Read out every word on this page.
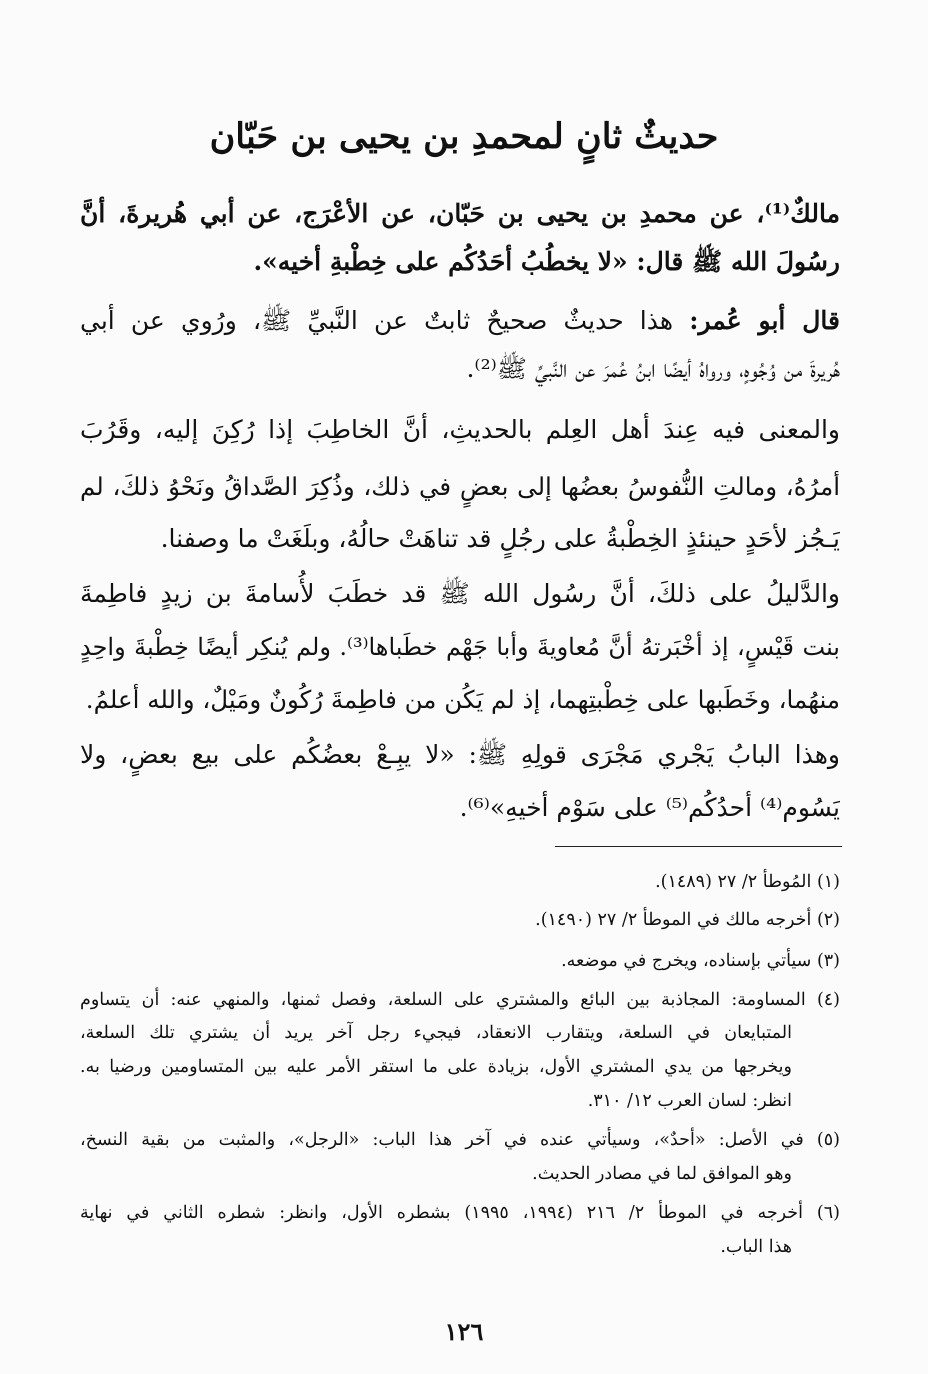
حديثٌ ثانٍ لمحمدِ بن يحيى بن حَبّان
مالكٌ⁽¹⁾، عن محمدِ بن يحيى بن حَبّان، عن الأعْرَج، عن أبي هُريرةَ، أنَّ
رسُولَ الله ﷺ قال: «لا يخطُبُ أحَدُكُم على خِطْبةِ أخيه».
قال أبو عُمر: هذا حديثٌ صحيحٌ ثابتٌ عن النَّبيِّ ﷺ، ورُوي عن أبي
هُريرةَ من وُجُوهٍ، ورواهُ أيضًا ابنُ عُمرَ عن النَّبيِّ ﷺ⁽²⁾.
والمعنى فيه عِندَ أهل العِلم بالحديثِ، أنَّ الخاطِبَ إذا رُكِنَ إليه، وقَرُبَ
أمرُهُ، ومالتِ النُّفوسُ بعضُها إلى بعضٍ في ذلك، وذُكِرَ الصَّداقُ ونَحْوُ ذلكَ، لم
يَـجُز لأحَدٍ حينئذٍ الخِطْبةُ على رجُلٍ قد تناهَتْ حالُهُ، وبلَغَتْ ما وصفنا.
والدَّليلُ على ذلكَ، أنَّ رسُول الله ﷺ قد خطَبَ لأُسامةَ بن زيدٍ فاطِمةَ
بنت قَيْسٍ، إذ أخْبَرتهُ أنَّ مُعاويةَ وأبا جَهْم خطَباها⁽³⁾. ولم يُنكِر أيضًا خِطْبةَ واحِدٍ
منهُما، وخَطَبها على خِطْبتِهما، إذ لم يَكُن من فاطِمةَ رُكُونٌ ومَيْلٌ، والله أعلمُ.
وهذا البابُ يَجْري مَجْرَى قولِهِ ﷺ: «لا يبِـعْ بعضُكُم على بيع بعضٍ، ولا
يَسُوم⁽⁴⁾ أحدُكُم⁽⁵⁾ على سَوْم أخيهِ»⁽⁶⁾.
(١) المُوطأ ٢/ ٢٧ (١٤٨٩).
(٢) أخرجه مالك في الموطأ ٢/ ٢٧ (١٤٩٠).
(٣) سيأتي بإسناده، ويخرج في موضعه.
(٤) المساومة: المجاذبة بين البائع والمشتري على السلعة، وفصل ثمنها، والمنهي عنه: أن يتساوم
المتبايعان في السلعة، ويتقارب الانعقاد، فيجيء رجل آخر يريد أن يشتري تلك السلعة،
ويخرجها من يدي المشتري الأول، بزيادة على ما استقر الأمر عليه بين المتساومين ورضيا به.
انظر: لسان العرب ١٢/ ٣١٠.
(٥) في الأصل: «أحدٌ»، وسيأتي عنده في آخر هذا الباب: «الرجل»، والمثبت من بقية النسخ،
وهو الموافق لما في مصادر الحديث.
(٦) أخرجه في الموطأ ٢/ ٢١٦ (١٩٩٤، ١٩٩٥) بشطره الأول، وانظر: شطره الثاني في نهاية
هذا الباب.
١٢٦
